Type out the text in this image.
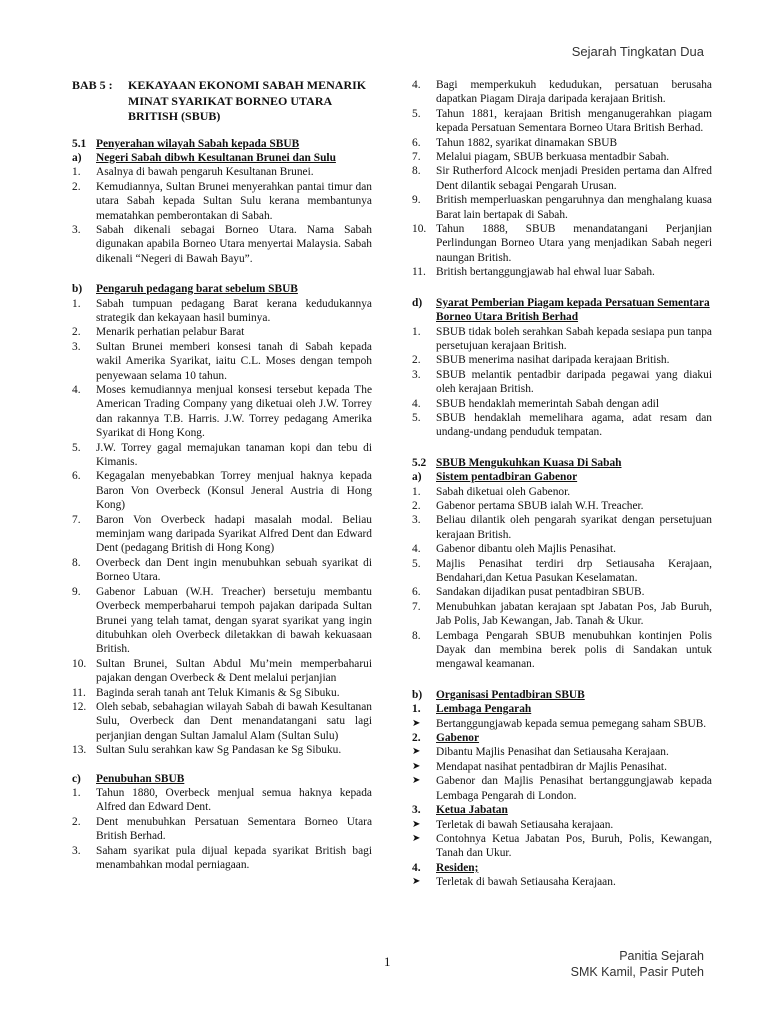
Sejarah Tingkatan Dua
BAB 5 :	KEKAYAAN EKONOMI SABAH MENARIK MINAT SYARIKAT BORNEO UTARA BRITISH (SBUB)
5.1 Penyerahan wilayah Sabah kepada SBUB
a)	Negeri Sabah dibwh Kesultanan Brunei dan Sulu
1.	Asalnya di bawah pengaruh Kesultanan Brunei.
2.	Kemudiannya, Sultan Brunei menyerahkan pantai timur dan utara Sabah kepada Sultan Sulu kerana membantunya mematahkan pemberontakan di Sabah.
3.	Sabah dikenali sebagai Borneo Utara. Nama Sabah digunakan apabila Borneo Utara menyertai Malaysia. Sabah dikenali “Negeri di Bawah Bayu”.
b)	Pengaruh pedagang barat sebelum SBUB
1.	Sabah tumpuan pedagang Barat kerana kedudukannya strategik dan kekayaan hasil buminya.
2.	Menarik perhatian pelabur Barat
3.	Sultan Brunei memberi konsesi tanah di Sabah kepada wakil Amerika Syarikat, iaitu C.L. Moses dengan tempoh penyewaan selama 10 tahun.
4.	Moses kemudiannya menjual konsesi tersebut kepada The American Trading Company yang diketuai oleh J.W. Torrey dan rakannya T.B. Harris. J.W. Torrey pedagang Amerika Syarikat di Hong Kong.
5.	J.W. Torrey gagal memajukan tanaman kopi dan tebu di Kimanis.
6.	Kegagalan menyebabkan Torrey menjual haknya kepada Baron Von Overbeck (Konsul Jeneral Austria di Hong Kong)
7.	Baron Von Overbeck hadapi masalah modal. Beliau meminjam wang daripada Syarikat Alfred Dent dan Edward Dent (pedagang British di Hong Kong)
8.	Overbeck dan Dent ingin menubuhkan sebuah syarikat di Borneo Utara.
9.	Gabenor Labuan (W.H. Treacher) bersetuju membantu Overbeck memperbaharui tempoh pajakan daripada Sultan Brunei yang telah tamat, dengan syarat syarikat yang ingin ditubuhkan oleh Overbeck diletakkan di bawah kekuasaan British.
10. Sultan Brunei, Sultan Abdul Mu’mein memperbaharui pajakan dengan Overbeck & Dent melalui perjanjian
11. Baginda serah tanah ant Teluk Kimanis & Sg Sibuku.
12. Oleh sebab, sebahagian wilayah Sabah di bawah Kesultanan Sulu, Overbeck dan Dent menandatangani satu lagi perjanjian dengan Sultan Jamalul Alam (Sultan Sulu)
13. Sultan Sulu serahkan kaw Sg Pandasan ke Sg Sibuku.
c)	Penubuhan SBUB
1.	Tahun 1880, Overbeck menjual semua haknya kepada Alfred dan Edward Dent.
2.	Dent menubuhkan Persatuan Sementara Borneo Utara British Berhad.
3.	Saham syarikat pula dijual kepada syarikat British bagi menambahkan modal perniagaan.
4.	Bagi memperkukuh kedudukan, persatuan berusaha dapatkan Piagam Diraja daripada kerajaan British.
5.	Tahun 1881, kerajaan British menganugerahkan piagam kepada Persatuan Sementara Borneo Utara British Berhad.
6.	Tahun 1882, syarikat dinamakan SBUB
7.	Melalui piagam, SBUB berkuasa mentadbir Sabah.
8.	Sir Rutherford Alcock menjadi Presiden pertama dan Alfred Dent dilantik sebagai Pengarah Urusan.
9.	British memperluaskan pengaruhnya dan menghalang kuasa Barat lain bertapak di Sabah.
10. Tahun 1888, SBUB menandatangani Perjanjian Perlindungan Borneo Utara yang menjadikan Sabah negeri naungan British.
11. British bertanggungjawab hal ehwal luar Sabah.
d)	Syarat Pemberian Piagam kepada Persatuan Sementara Borneo Utara British Berhad
1.	SBUB tidak boleh serahkan Sabah kepada sesiapa pun tanpa persetujuan kerajaan British.
2.	SBUB menerima nasihat daripada kerajaan British.
3.	SBUB melantik pentadbir daripada pegawai yang diakui oleh kerajaan British.
4.	SBUB hendaklah memerintah Sabah dengan adil
5.	SBUB hendaklah memelihara agama, adat resam dan undang-undang penduduk tempatan.
5.2 SBUB Mengukuhkan Kuasa Di Sabah
a)	Sistem pentadbiran Gabenor
1.	Sabah diketuai oleh Gabenor.
2.	Gabenor pertama SBUB ialah W.H. Treacher.
3.	Beliau dilantik oleh pengarah syarikat dengan persetujuan kerajaan British.
4.	Gabenor dibantu oleh Majlis Penasihat.
5.	Majlis Penasihat terdiri drp Setiausaha Kerajaan, Bendahari,dan Ketua Pasukan Keselamatan.
6.	Sandakan dijadikan pusat pentadbiran SBUB.
7.	Menubuhkan jabatan kerajaan spt Jabatan Pos, Jab Buruh, Jab Polis, Jab Kewangan, Jab. Tanah & Ukur.
8.	Lembaga Pengarah SBUB menubuhkan kontinjen Polis Dayak dan membina berek polis di Sandakan untuk mengawal keamanan.
b)	Organisasi Pentadbiran SBUB
1.	Lembaga Pengarah
➤	Bertanggungjawab kepada semua pemegang saham SBUB.
2.	Gabenor
➤	Dibantu Majlis Penasihat dan Setiausaha Kerajaan.
➤	Mendapat nasihat pentadbiran dr Majlis Penasihat.
➤	Gabenor dan Majlis Penasihat bertanggungjawab kepada Lembaga Pengarah di London.
3.	Ketua Jabatan
➤	Terletak di bawah Setiausaha kerajaan.
➤	Contohnya Ketua Jabatan Pos, Buruh, Polis, Kewangan, Tanah dan Ukur.
4.	Residen;
➤	Terletak di bawah Setiausaha Kerajaan.
1	Panitia Sejarah
SMK Kamil, Pasir Puteh
